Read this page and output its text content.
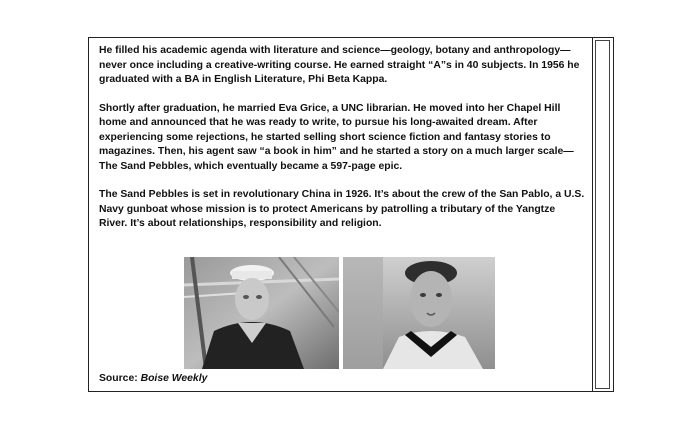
He filled his academic agenda with literature and science—geology, botany and anthropology—never once including a creative-writing course. He earned straight “A”s in 40 subjects. In 1956 he graduated with a BA in English Literature, Phi Beta Kappa.

Shortly after graduation, he married Eva Grice, a UNC librarian. He moved into her Chapel Hill home and announced that he was ready to write, to pursue his long-awaited dream. After experiencing some rejections, he started selling short science fiction and fantasy stories to magazines. Then, his agent saw “a book in him” and he started a story on a much larger scale—The Sand Pebbles, which eventually became a 597-page epic.

The Sand Pebbles is set in revolutionary China in 1926. It’s about the crew of the San Pablo, a U.S. Navy gunboat whose mission is to protect Americans by patrolling a tributary of the Yangtze River. It’s about relationships, responsibility and religion.

Source: Boise Weekly
